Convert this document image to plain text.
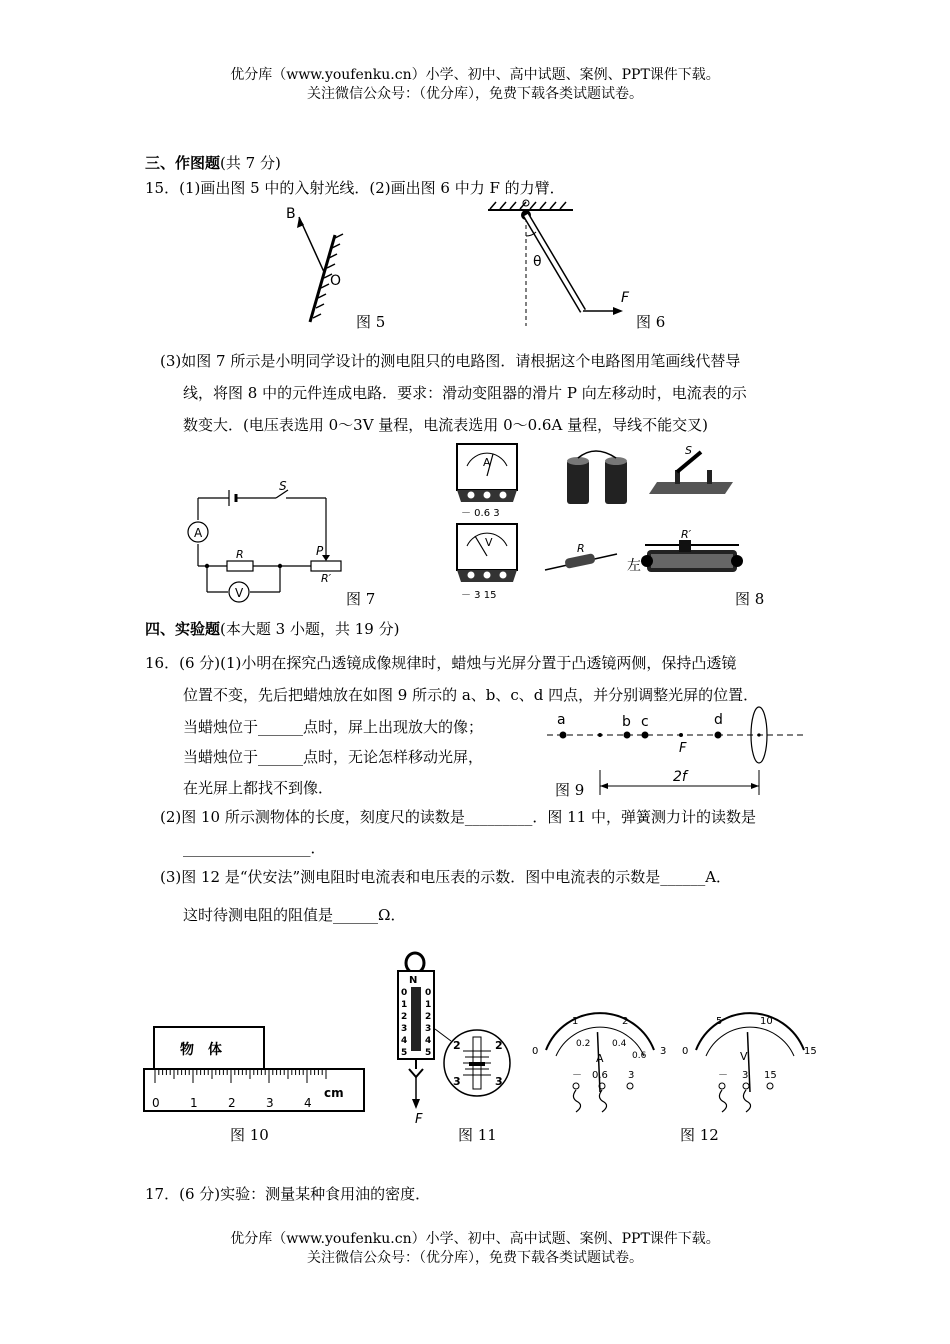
优分库（www.youfenku.cn）小学、初中、高中试题、案例、PPT课件下载。
关注微信公众号：（优分库），免费下载各类试题试卷。
三、作图题(共 7 分)
15．(1)画出图 5 中的入射光线．(2)画出图 6 中力 F 的力臂．
B
O
图 5
θ
F
图 6
(3)如图 7 所示是小明同学设计的测电阻只的电路图．请根据这个电路图用笔画线代替导
线，将图 8 中的元件连成电路．要求：滑动变阻器的滑片 P 向左移动时，电流表的示
数变大．(电压表选用 0～3V 量程，电流表选用 0～0.6A 量程，导线不能交叉)
A
S
R	P
R′
V	图 7
A
－ 0.6 3
V
－ 3 15
S
R
左
R′
图 8
四、实验题(本大题 3 小题，共 19 分)
16．(6 分)(1)小明在探究凸透镜成像规律时，蜡烛与光屏分置于凸透镜两侧，保持凸透镜
位置不变，先后把蜡烛放在如图 9 所示的 a、b、c、d 四点，并分别调整光屏的位置．
当蜡烛位于______点时，屏上出现放大的像；
当蜡烛位于______点时，无论怎样移动光屏，
在光屏上都找不到像．
a	b c	d
F
2f
图 9
(2)图 10 所示测物体的长度，刻度尺的读数是_________．图 11 中，弹簧测力计的读数是
_________________．
(3)图 12 是“伏安法”测电阻时电流表和电压表的示数．图中电流表的示数是______A．
这时待测电阻的阻值是______Ω．
物　体
0	1	2	3	4
cm
图 10
N
0
1
2
3
4
5
0
1
2
3
4
5
F
2	2
3	3
图 11
0
1	2
3
0.2 0.4
0.6
A
－ 0.6 3
0
5	10
15
V
－ 3 15
图 12
17．(6 分)实验：测量某种食用油的密度．
优分库（www.youfenku.cn）小学、初中、高中试题、案例、PPT课件下载。
关注微信公众号：（优分库），免费下载各类试题试卷。
